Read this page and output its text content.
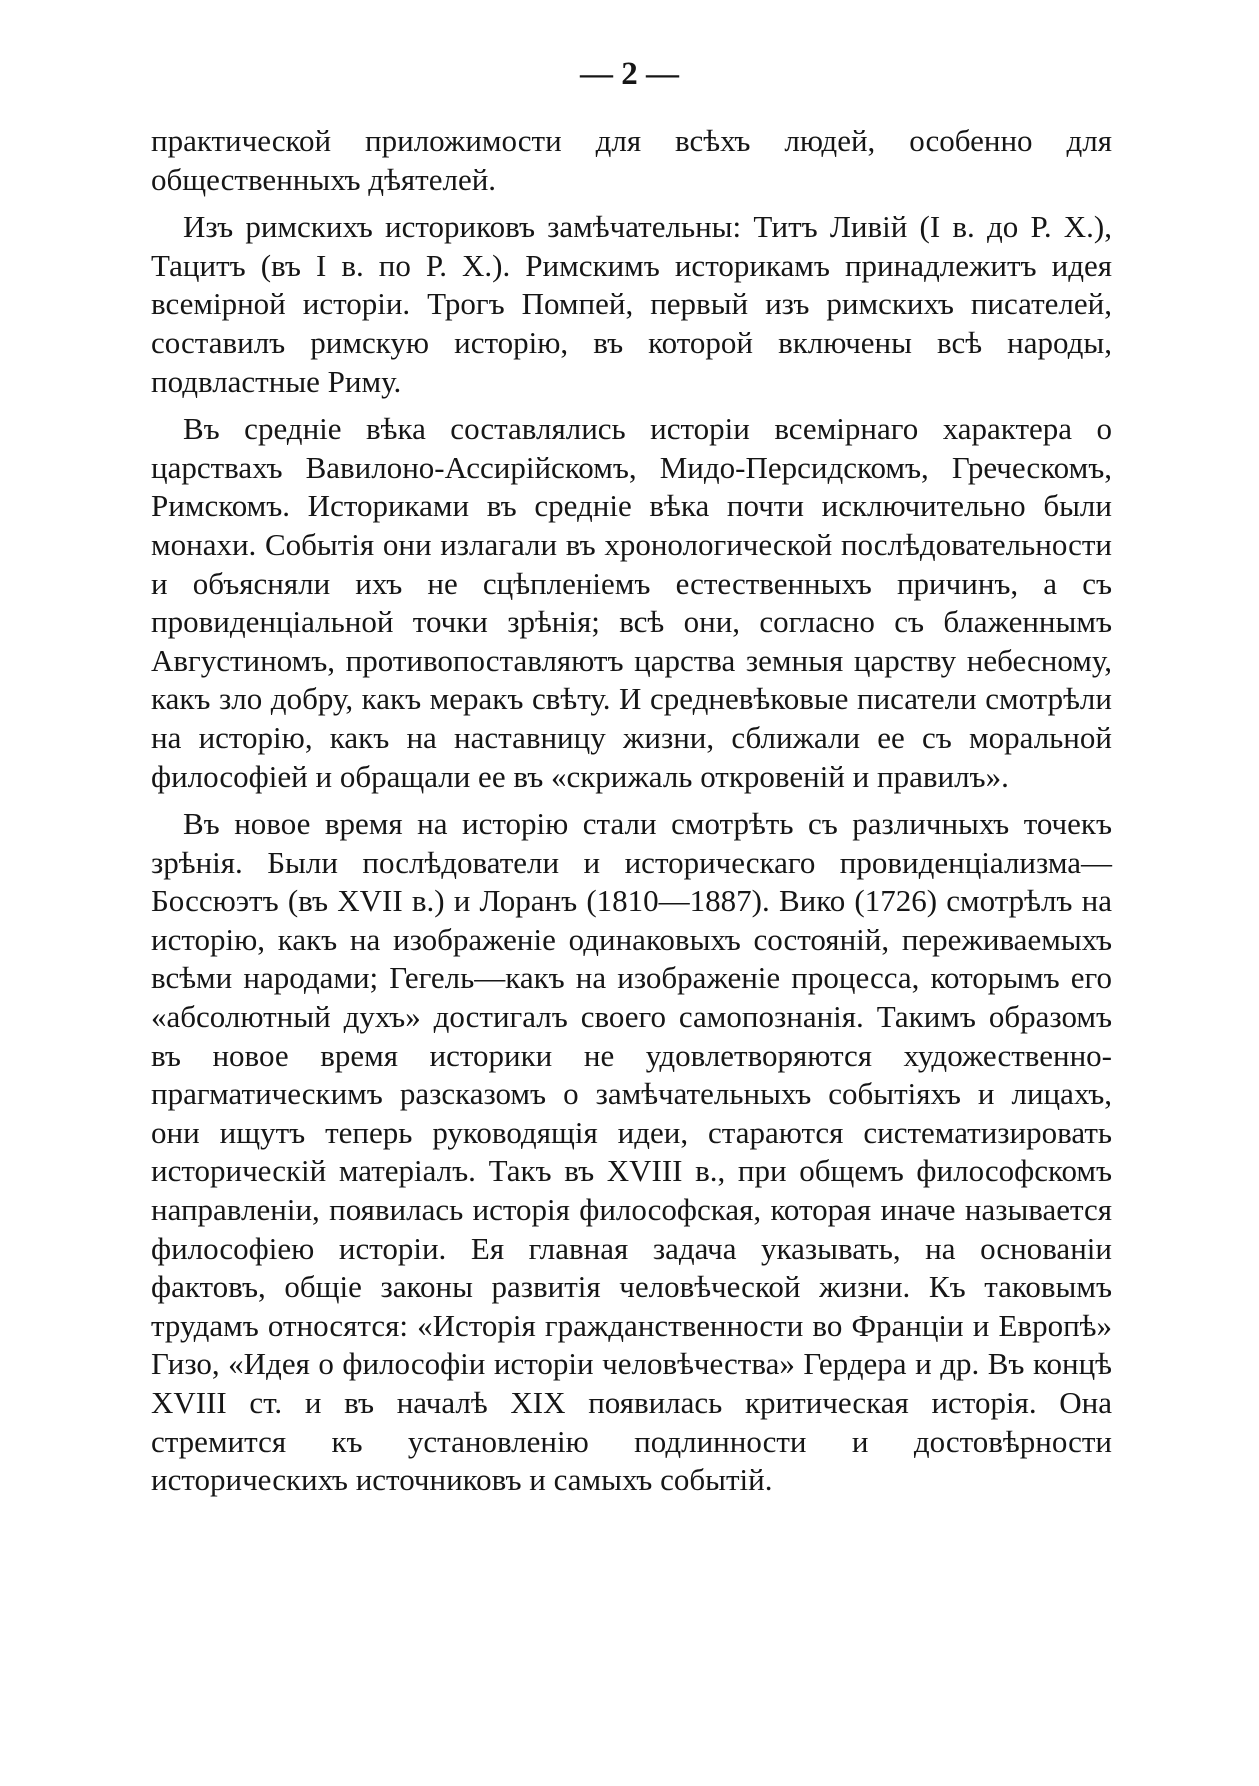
— 2 —

практической приложимости для всѣхъ людей, особенно для общественныхъ дѣятелей.

Изъ римскихъ историковъ замѣчательны: Титъ Ливій (I в. до Р. Х.), Тацитъ (въ I в. по Р. Х.). Римскимъ историкамъ принадлежитъ идея всемірной исторіи. Трогъ Помпей, первый изъ римскихъ писателей, составилъ римскую исторію, въ которой включены всѣ народы, подвластные Риму.

Въ средніе вѣка составлялись исторіи всемірнаго характера о царствахъ Вавилоно-Ассирійскомъ, Мидо-Персидскомъ, Греческомъ, Римскомъ. Историками въ средніе вѣка почти исключительно были монахи. Событія они излагали въ хронологической послѣдовательности и объясняли ихъ не сцѣпленіемъ естественныхъ причинъ, а съ провиденціальной точки зрѣнія; всѣ они, согласно съ блаженнымъ Августиномъ, противопоставляютъ царства земныя царству небесному, какъ зло добру, какъ меракъ свѣту. И средневѣковые писатели смотрѣли на исторію, какъ на наставницу жизни, сближали ее съ моральной философіей и обращали ее въ «скрижаль откровеній и правилъ».

Въ новое время на исторію стали смотрѣть съ различныхъ точекъ зрѣнія. Были послѣдователи и историческаго провиденціализма—Боссюэтъ (въ XVII в.) и Лоранъ (1810—1887). Вико (1726) смотрѣлъ на исторію, какъ на изображеніе одинаковыхъ состояній, переживаемыхъ всѣми народами; Гегель—какъ на изображеніе процесса, которымъ его «абсолютный духъ» достигалъ своего самопознанія. Такимъ образомъ въ новое время историки не удовлетворяются художественно-прагматическимъ разсказомъ о замѣчательныхъ событіяхъ и лицахъ, они ищутъ теперь руководящія идеи, стараются систематизировать историческій матеріалъ. Такъ въ XVIII в., при общемъ философскомъ направленіи, появилась исторія философская, которая иначе называется философіею исторіи. Ея главная задача указывать, на основаніи фактовъ, общіе законы развитія человѣческой жизни. Къ таковымъ трудамъ относятся: «Исторія гражданственности во Франціи и Европѣ» Гизо, «Идея о философіи исторіи человѣчества» Гердера и др. Въ концѣ XVIII ст. и въ началѣ XIX появилась критическая исторія. Она стремится къ установленію подлинности и достовѣрности историческихъ источниковъ и самыхъ событій.
